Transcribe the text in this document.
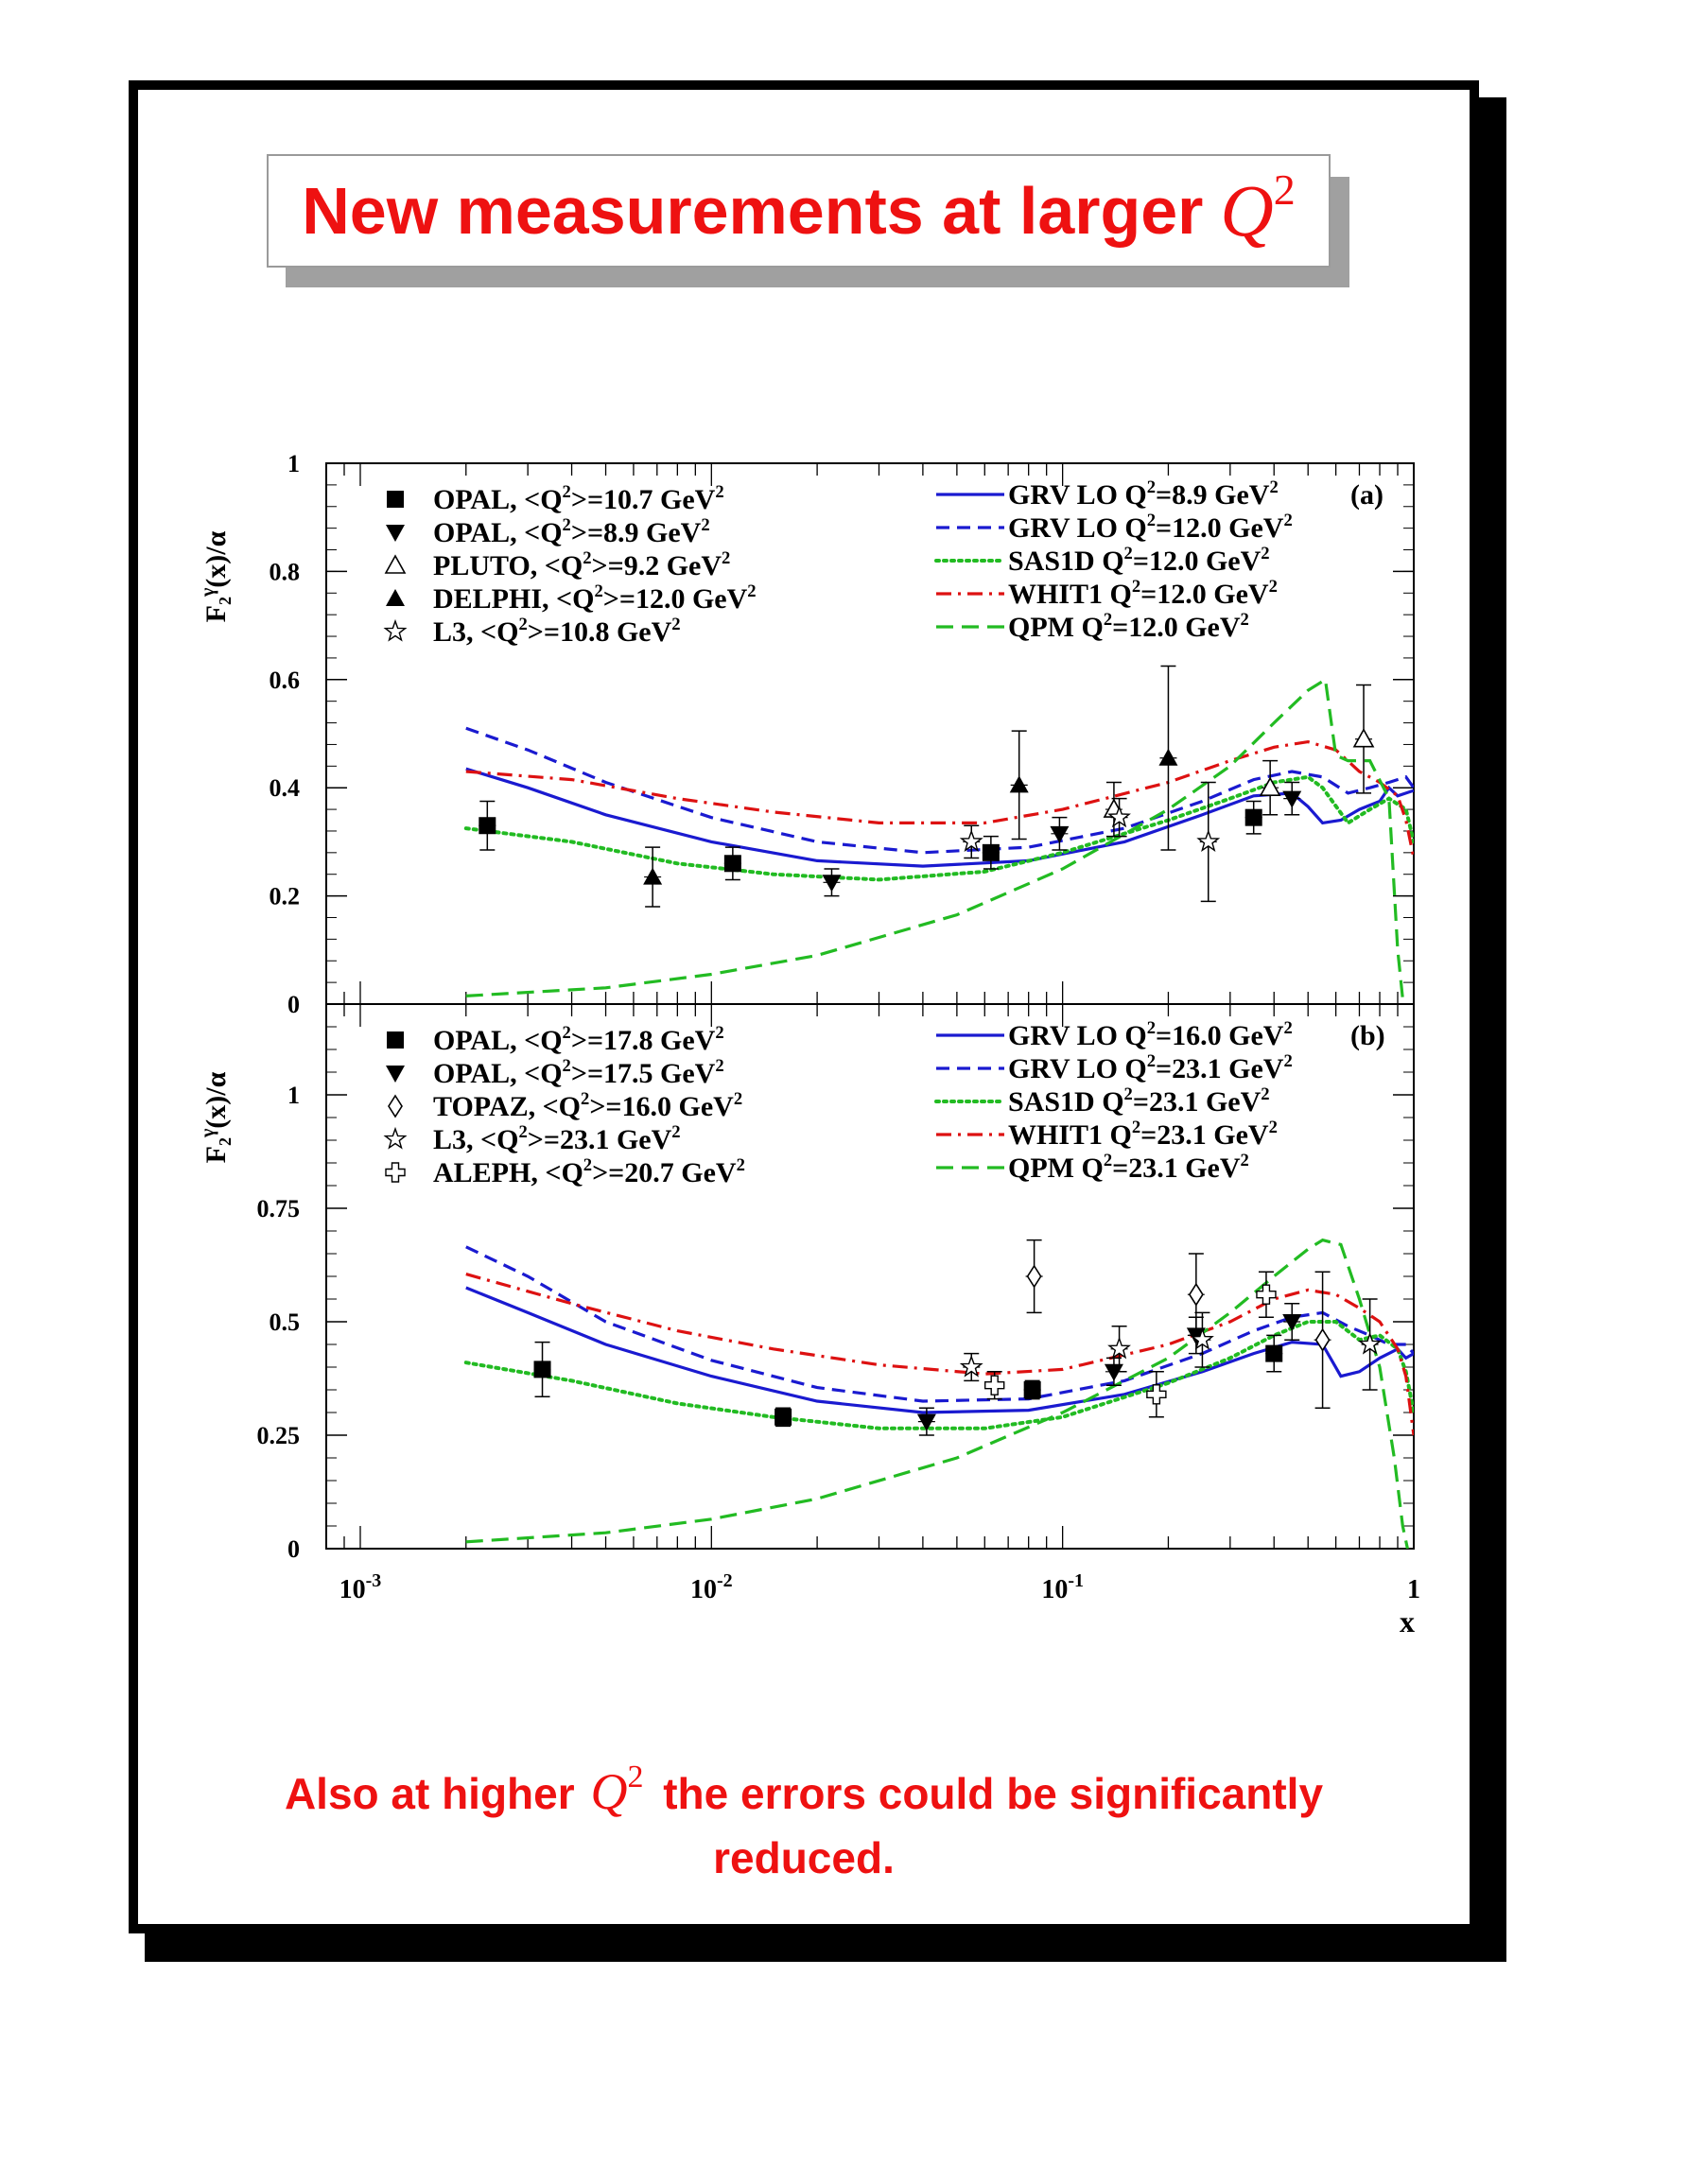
New measurements at larger $Q^2$
0
0.2
0.4
0.6
0.8
1
F₂$^\gamma$(x)/α
OPAL, $<Q^2>=10.7$ GeV$^2$
OPAL, $<Q^2>=8.9$ GeV$^2$
PLUTO, $<Q^2>=9.2$ GeV$^2$
DELPHI, $<Q^2>=12.0$ GeV$^2$
L3, $<Q^2>=10.8$ GeV$^2$
GRV LO $Q^2=8.9$ GeV$^2$
GRV LO $Q^2=12.0$ GeV$^2$
SAS1D $Q^2=12.0$ GeV$^2$
WHIT1 $Q^2=12.0$ GeV$^2$
QPM $Q^2=12.0$ GeV$^2$
(a)
0
0.25
0.5
0.75
1
F₂$^\gamma$(x)/α
OPAL, $<Q^2>=17.8$ GeV$^2$
OPAL, $<Q^2>=17.5$ GeV$^2$
TOPAZ, $<Q^2>=16.0$ GeV$^2$
L3, $<Q^2>=23.1$ GeV$^2$
ALEPH, $<Q^2>=20.7$ GeV$^2$
GRV LO $Q^2=16.0$ GeV$^2$
GRV LO $Q^2=23.1$ GeV$^2$
SAS1D $Q^2=23.1$ GeV$^2$
WHIT1 $Q^2=23.1$ GeV$^2$
QPM $Q^2=23.1$ GeV$^2$
(b)
$10^{-3}$	$10^{-2}$	$10^{-1}$	1
x
Also at higher $Q^2$ the errors could be significantly
reduced.
